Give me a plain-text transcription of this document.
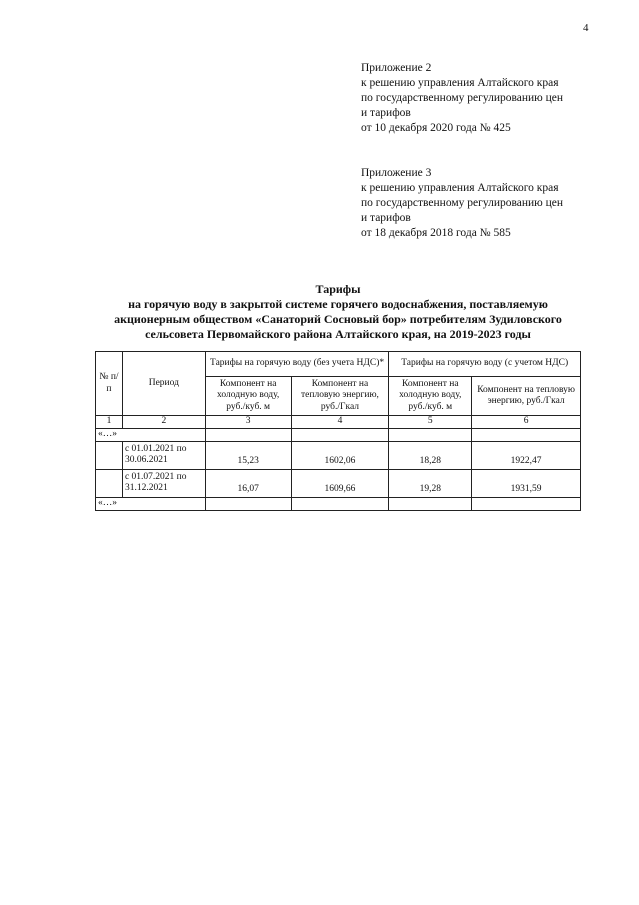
4
Приложение 2
к решению управления Алтайского края
по государственному регулированию цен
и тарифов
от 10 декабря 2020 года № 425
Приложение 3
к решению управления Алтайского края
по государственному регулированию цен
и тарифов
от 18 декабря 2018 года № 585
Тарифы
на горячую воду в закрытой системе горячего водоснабжения, поставляемую
акционерным обществом «Санаторий Сосновый бор» потребителям Зудиловского
сельсовета Первомайского района Алтайского края, на 2019-2023 годы
№ п/п	Период	Тарифы на горячую воду (без учета НДС)*		Тарифы на горячую воду (с учетом НДС)	
		Компонент на холодную воду, руб./куб. м	Компонент на тепловую энергию, руб./Гкал	Компонент на холодную воду, руб./куб. м	Компонент на тепловую энергию, руб./Гкал
1	2	3	4	5	6
«…»					
	с 01.01.2021 по 30.06.2021	15,23	1602,06	18,28	1922,47
	с 01.07.2021 по 31.12.2021	16,07	1609,66	19,28	1931,59
«…»					
